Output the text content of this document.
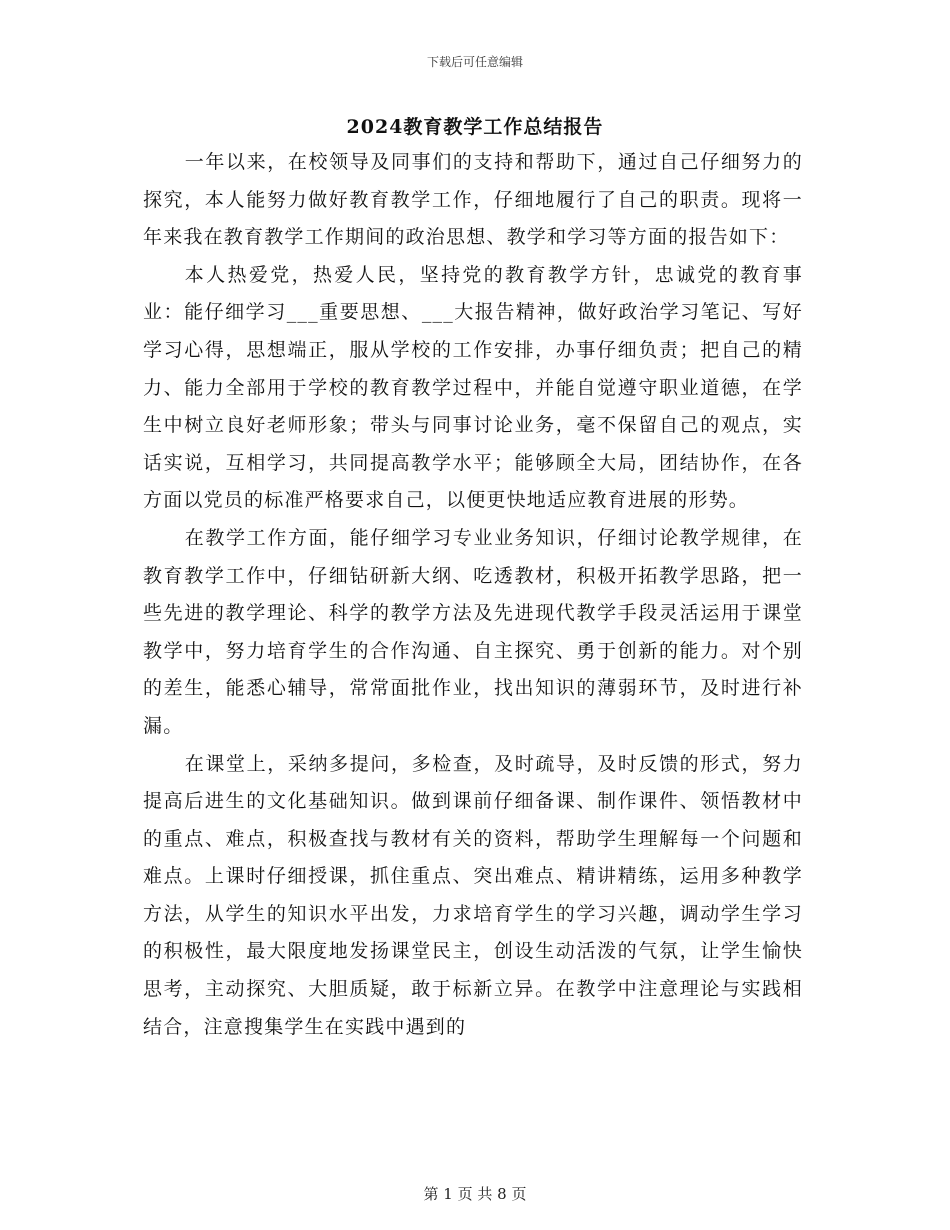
下载后可任意编辑
2024教育教学工作总结报告

一年以来，在校领导及同事们的支持和帮助下，通过自己仔细努力的探究，本人能努力做好教育教学工作，仔细地履行了自己的职责。现将一年来我在教育教学工作期间的政治思想、教学和学习等方面的报告如下：

本人热爱党，热爱人民，坚持党的教育教学方针，忠诚党的教育事业：能仔细学习___重要思想、___大报告精神，做好政治学习笔记、写好学习心得，思想端正，服从学校的工作安排，办事仔细负责；把自己的精力、能力全部用于学校的教育教学过程中，并能自觉遵守职业道德，在学生中树立良好老师形象；带头与同事讨论业务，毫不保留自己的观点，实话实说，互相学习，共同提高教学水平；能够顾全大局，团结协作，在各方面以党员的标准严格要求自己，以便更快地适应教育进展的形势。

在教学工作方面，能仔细学习专业业务知识，仔细讨论教学规律，在教育教学工作中，仔细钻研新大纲、吃透教材，积极开拓教学思路，把一些先进的教学理论、科学的教学方法及先进现代教学手段灵活运用于课堂教学中，努力培育学生的合作沟通、自主探究、勇于创新的能力。对个别的差生，能悉心辅导，常常面批作业，找出知识的薄弱环节，及时进行补漏。

在课堂上，采纳多提问，多检查，及时疏导，及时反馈的形式，努力提高后进生的文化基础知识。做到课前仔细备课、制作课件、领悟教材中的重点、难点，积极查找与教材有关的资料，帮助学生理解每一个问题和难点。上课时仔细授课，抓住重点、突出难点、精讲精练，运用多种教学方法，从学生的知识水平出发，力求培育学生的学习兴趣，调动学生学习的积极性，最大限度地发扬课堂民主，创设生动活泼的气氛，让学生愉快思考，主动探究、大胆质疑，敢于标新立异。在教学中注意理论与实践相结合，注意搜集学生在实践中遇到的

第 1 页 共 8 页
